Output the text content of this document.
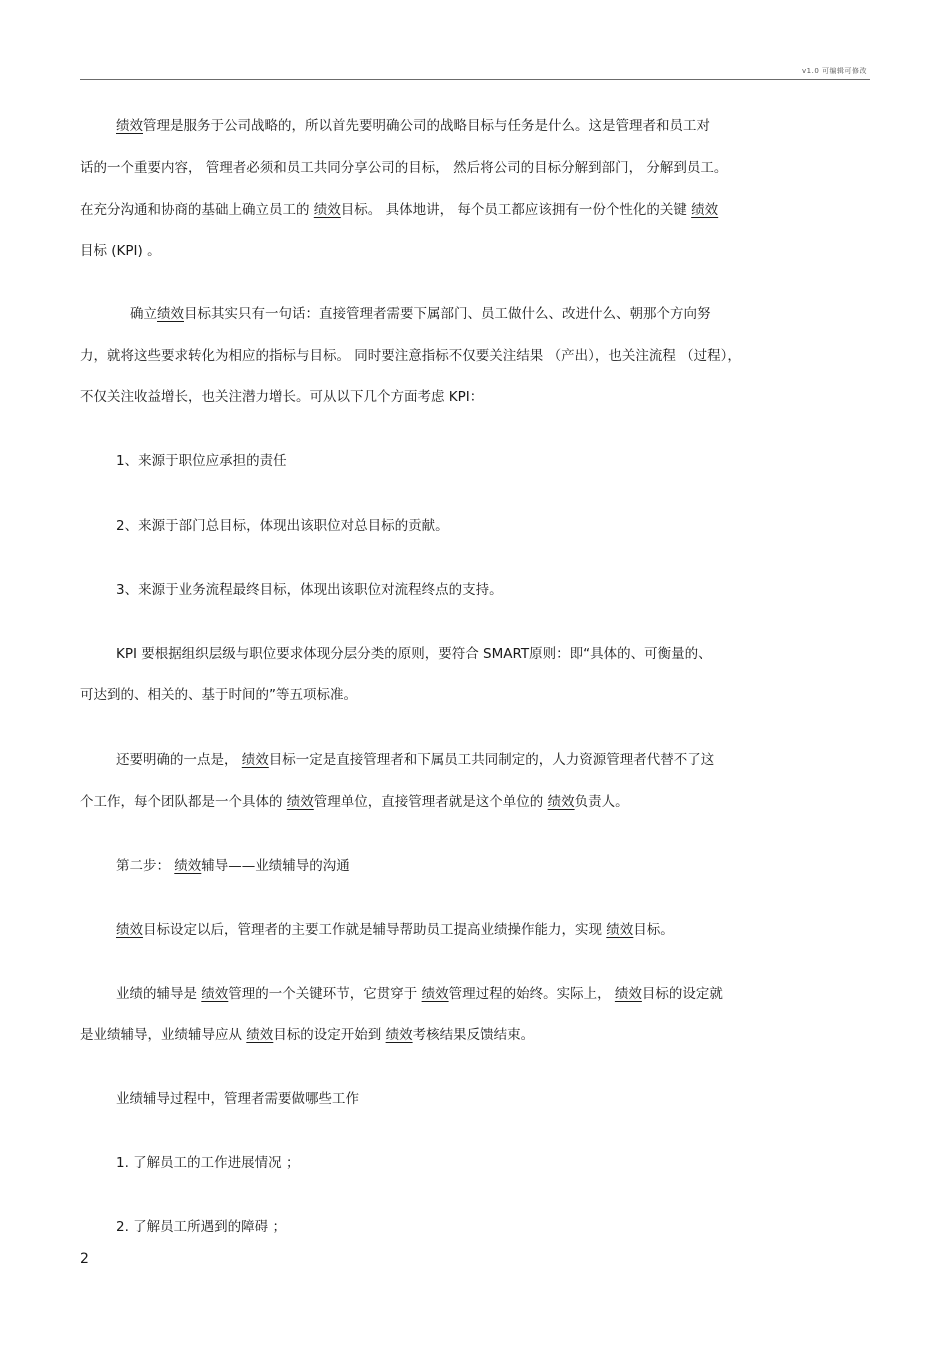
v1.0 可编辑可修改
绩效管理是服务于公司战略的，所以首先要明确公司的战略目标与任务是什么。这是管理者和员工对
话的一个重要内容， 管理者必须和员工共同分享公司的目标， 然后将公司的目标分解到部门， 分解到员工。
在充分沟通和协商的基础上确立员工的 绩效目标。 具体地讲， 每个员工都应该拥有一份个性化的关键 绩效
目标 (KPI) 。
确立绩效目标其实只有一句话：直接管理者需要下属部门、员工做什么、改进什么、朝那个方向努
力，就将这些要求转化为相应的指标与目标。 同时要注意指标不仅要关注结果 （产出），也关注流程 （过程），
不仅关注收益增长，也关注潜力增长。可从以下几个方面考虑 KPI：
1、来源于职位应承担的责任
2、来源于部门总目标，体现出该职位对总目标的贡献。
3、来源于业务流程最终目标，体现出该职位对流程终点的支持。
KPI 要根据组织层级与职位要求体现分层分类的原则，要符合 SMART原则：即“具体的、可衡量的、
可达到的、相关的、基于时间的”等五项标准。
还要明确的一点是， 绩效目标一定是直接管理者和下属员工共同制定的，人力资源管理者代替不了这
个工作，每个团队都是一个具体的 绩效管理单位，直接管理者就是这个单位的 绩效负责人。
第二步： 绩效辅导——业绩辅导的沟通
绩效目标设定以后，管理者的主要工作就是辅导帮助员工提高业绩操作能力，实现 绩效目标。
业绩的辅导是 绩效管理的一个关键环节，它贯穿于 绩效管理过程的始终。实际上， 绩效目标的设定就
是业绩辅导，业绩辅导应从 绩效目标的设定开始到 绩效考核结果反馈结束。
业绩辅导过程中，管理者需要做哪些工作
1. 了解员工的工作进展情况 ；
2. 了解员工所遇到的障碍 ；
2
